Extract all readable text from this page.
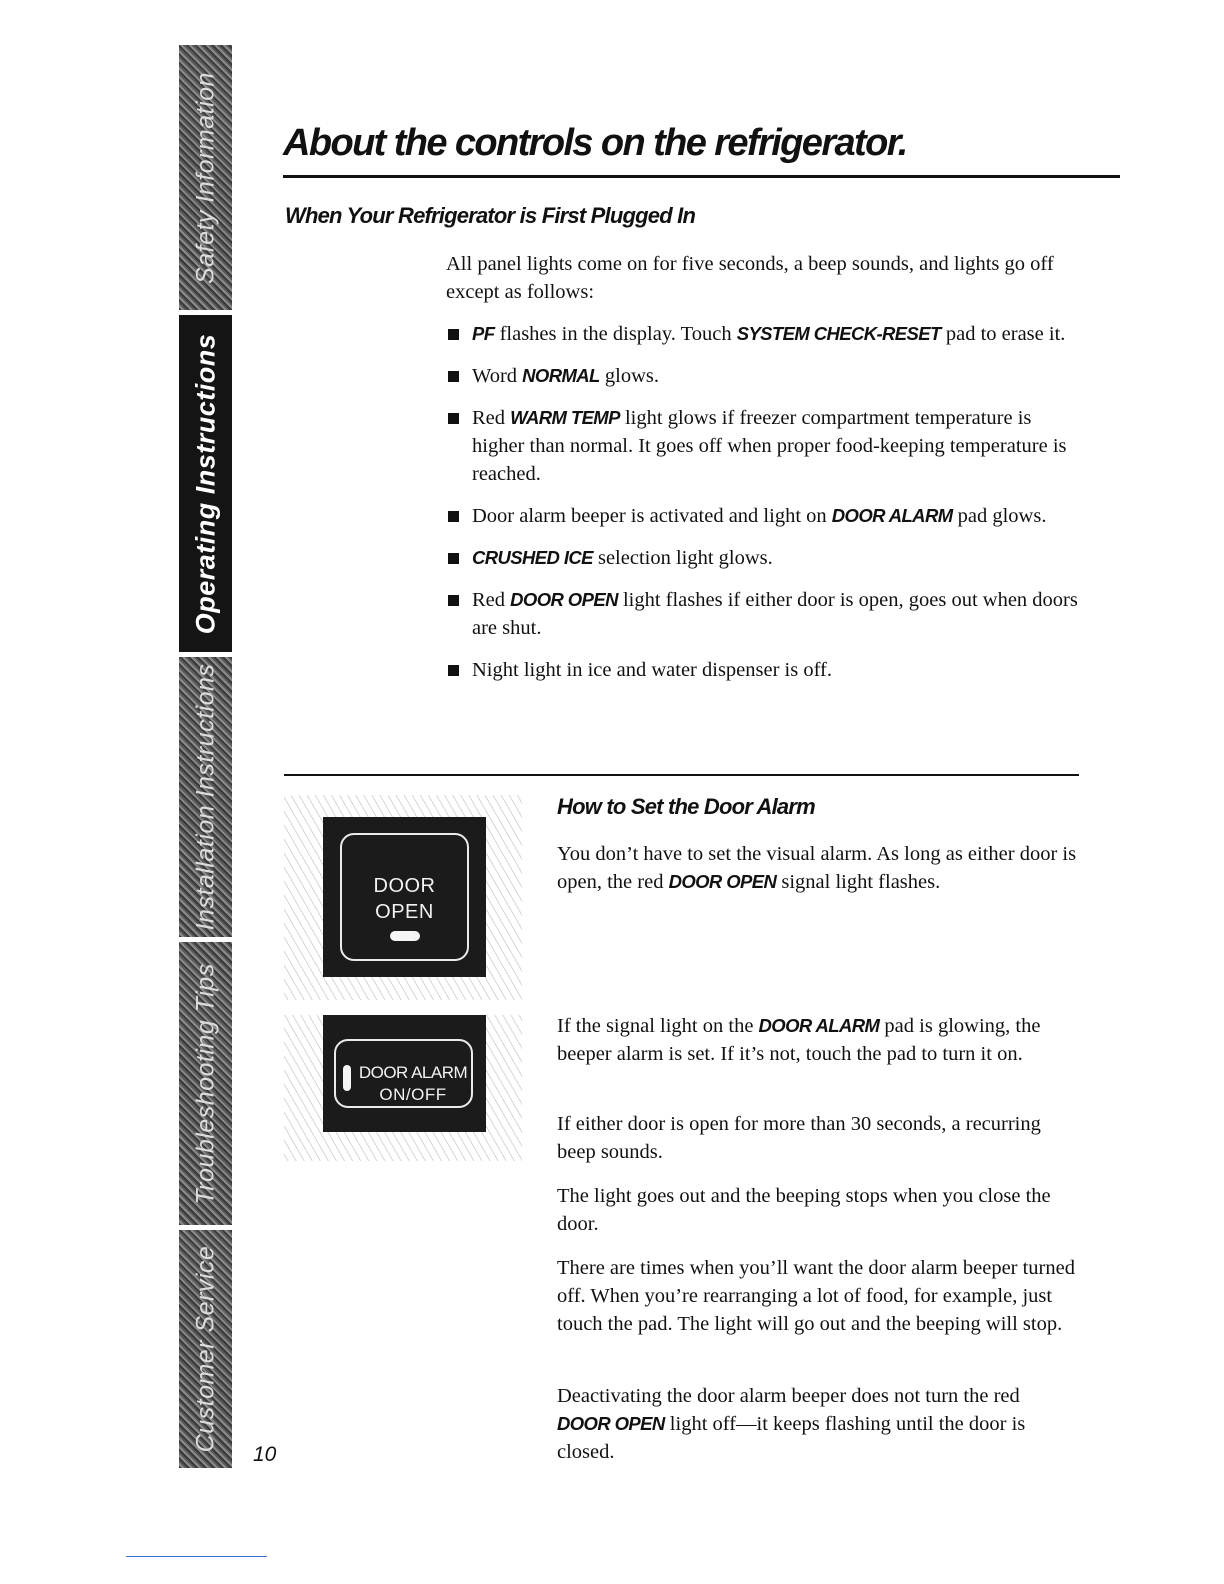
Safety Information
Operating Instructions
Installation Instructions
Troubleshooting Tips
Customer Service
About the controls on the refrigerator.
When Your Refrigerator is First Plugged In

All panel lights come on for five seconds, a beep sounds, and lights go off except as follows:

PF flashes in the display. Touch SYSTEM CHECK-RESET pad to erase it.
Word NORMAL glows.
Red WARM TEMP light glows if freezer compartment temperature is higher than normal. It goes off when proper food-keeping temperature is reached.
Door alarm beeper is activated and light on DOOR ALARM pad glows.
CRUSHED ICE selection light glows.
Red DOOR OPEN light flashes if either door is open, goes out when doors are shut.
Night light in ice and water dispenser is off.
DOOR
OPEN
DOOR ALARM
ON/OFF
How to Set the Door Alarm

You don’t have to set the visual alarm. As long as either door is open, the red DOOR OPEN signal light flashes.

If the signal light on the DOOR ALARM pad is glowing, the beeper alarm is set. If it’s not, touch the pad to turn it on.

If either door is open for more than 30 seconds, a recurring beep sounds.

The light goes out and the beeping stops when you close the door.

There are times when you’ll want the door alarm beeper turned off. When you’re rearranging a lot of food, for example, just touch the pad. The light will go out and the beeping will stop.

Deactivating the door alarm beeper does not turn the red DOOR OPEN light off—it keeps flashing until the door is closed.

10
